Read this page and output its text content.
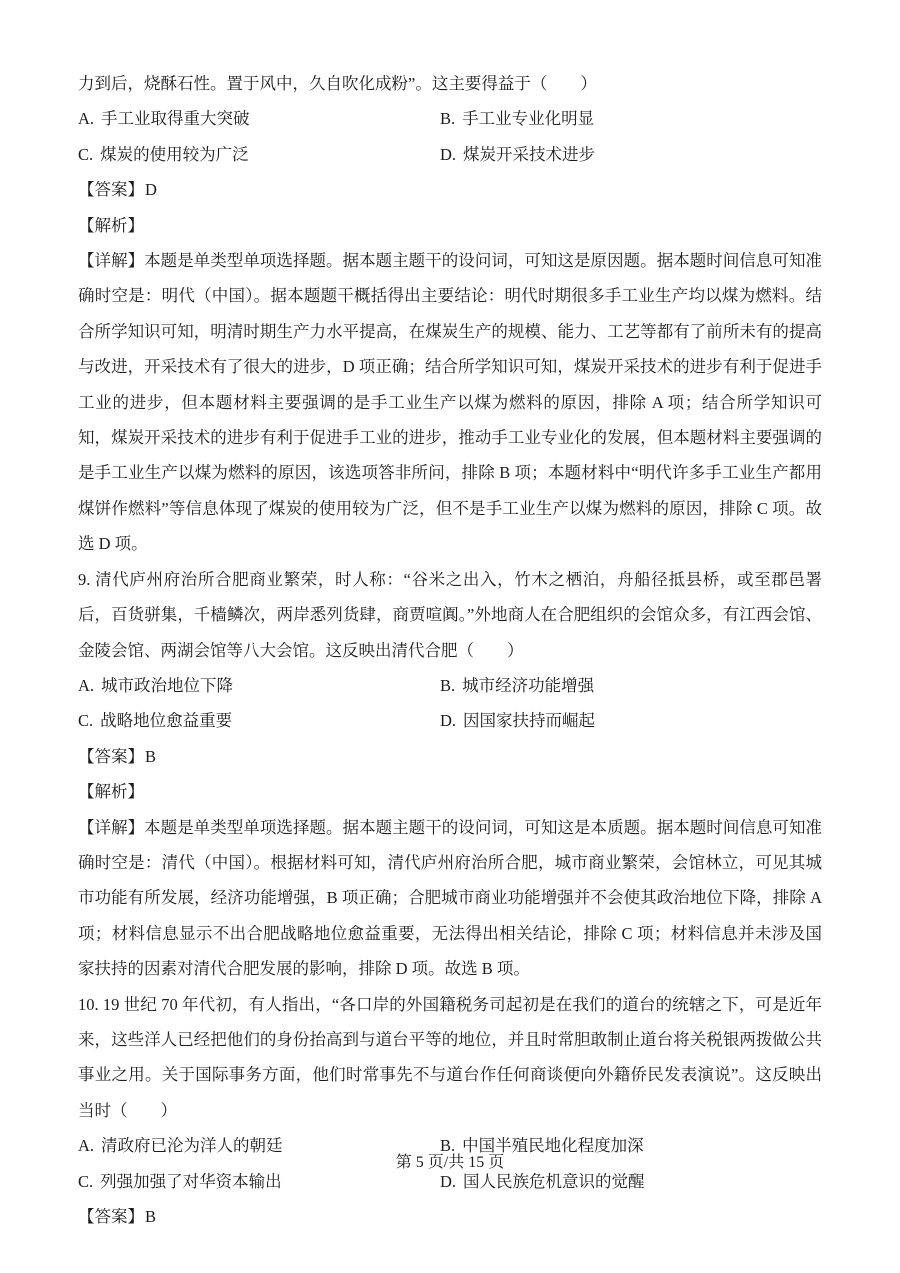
力到后，烧酥石性。置于风中，久自吹化成粉”。这主要得益于（　　）
A. 手工业取得重大突破	B. 手工业专业化明显
C. 煤炭的使用较为广泛	D. 煤炭开采技术进步
【答案】D
【解析】
【详解】本题是单类型单项选择题。据本题主题干的设问词，可知这是原因题。据本题时间信息可知准确时空是：明代（中国）。据本题题干概括得出主要结论：明代时期很多手工业生产均以煤为燃料。结合所学知识可知，明清时期生产力水平提高，在煤炭生产的规模、能力、工艺等都有了前所未有的提高与改进，开采技术有了很大的进步，D 项正确；结合所学知识可知，煤炭开采技术的进步有利于促进手工业的进步，但本题材料主要强调的是手工业生产以煤为燃料的原因，排除 A 项；结合所学知识可知，煤炭开采技术的进步有利于促进手工业的进步，推动手工业专业化的发展，但本题材料主要强调的是手工业生产以煤为燃料的原因，该选项答非所问，排除 B 项；本题材料中“明代许多手工业生产都用煤饼作燃料”等信息体现了煤炭的使用较为广泛，但不是手工业生产以煤为燃料的原因，排除 C 项。故选 D 项。
9. 清代庐州府治所合肥商业繁荣，时人称：“谷米之出入，竹木之栖泊，舟船径抵县桥，或至郡邑署后，百货骈集，千樯鳞次，两岸悉列货肆，商贾喧阗。”外地商人在合肥组织的会馆众多，有江西会馆、金陵会馆、两湖会馆等八大会馆。这反映出清代合肥（　　）
A. 城市政治地位下降	B. 城市经济功能增强
C. 战略地位愈益重要	D. 因国家扶持而崛起
【答案】B
【解析】
【详解】本题是单类型单项选择题。据本题主题干的设问词，可知这是本质题。据本题时间信息可知准确时空是：清代（中国）。根据材料可知，清代庐州府治所合肥，城市商业繁荣，会馆林立，可见其城市功能有所发展，经济功能增强，B 项正确；合肥城市商业功能增强并不会使其政治地位下降，排除 A 项；材料信息显示不出合肥战略地位愈益重要，无法得出相关结论，排除 C 项；材料信息并未涉及国家扶持的因素对清代合肥发展的影响，排除 D 项。故选 B 项。
10. 19 世纪 70 年代初，有人指出，“各口岸的外国籍税务司起初是在我们的道台的统辖之下，可是近年来，这些洋人已经把他们的身份抬高到与道台平等的地位，并且时常胆敢制止道台将关税银两拨做公共事业之用。关于国际事务方面，他们时常事先不与道台作任何商谈便向外籍侨民发表演说”。这反映出当时（　　）
A. 清政府已沦为洋人的朝廷	B. 中国半殖民地化程度加深
C. 列强加强了对华资本输出	D. 国人民族危机意识的觉醒
【答案】B
第 5 页/共 15 页
